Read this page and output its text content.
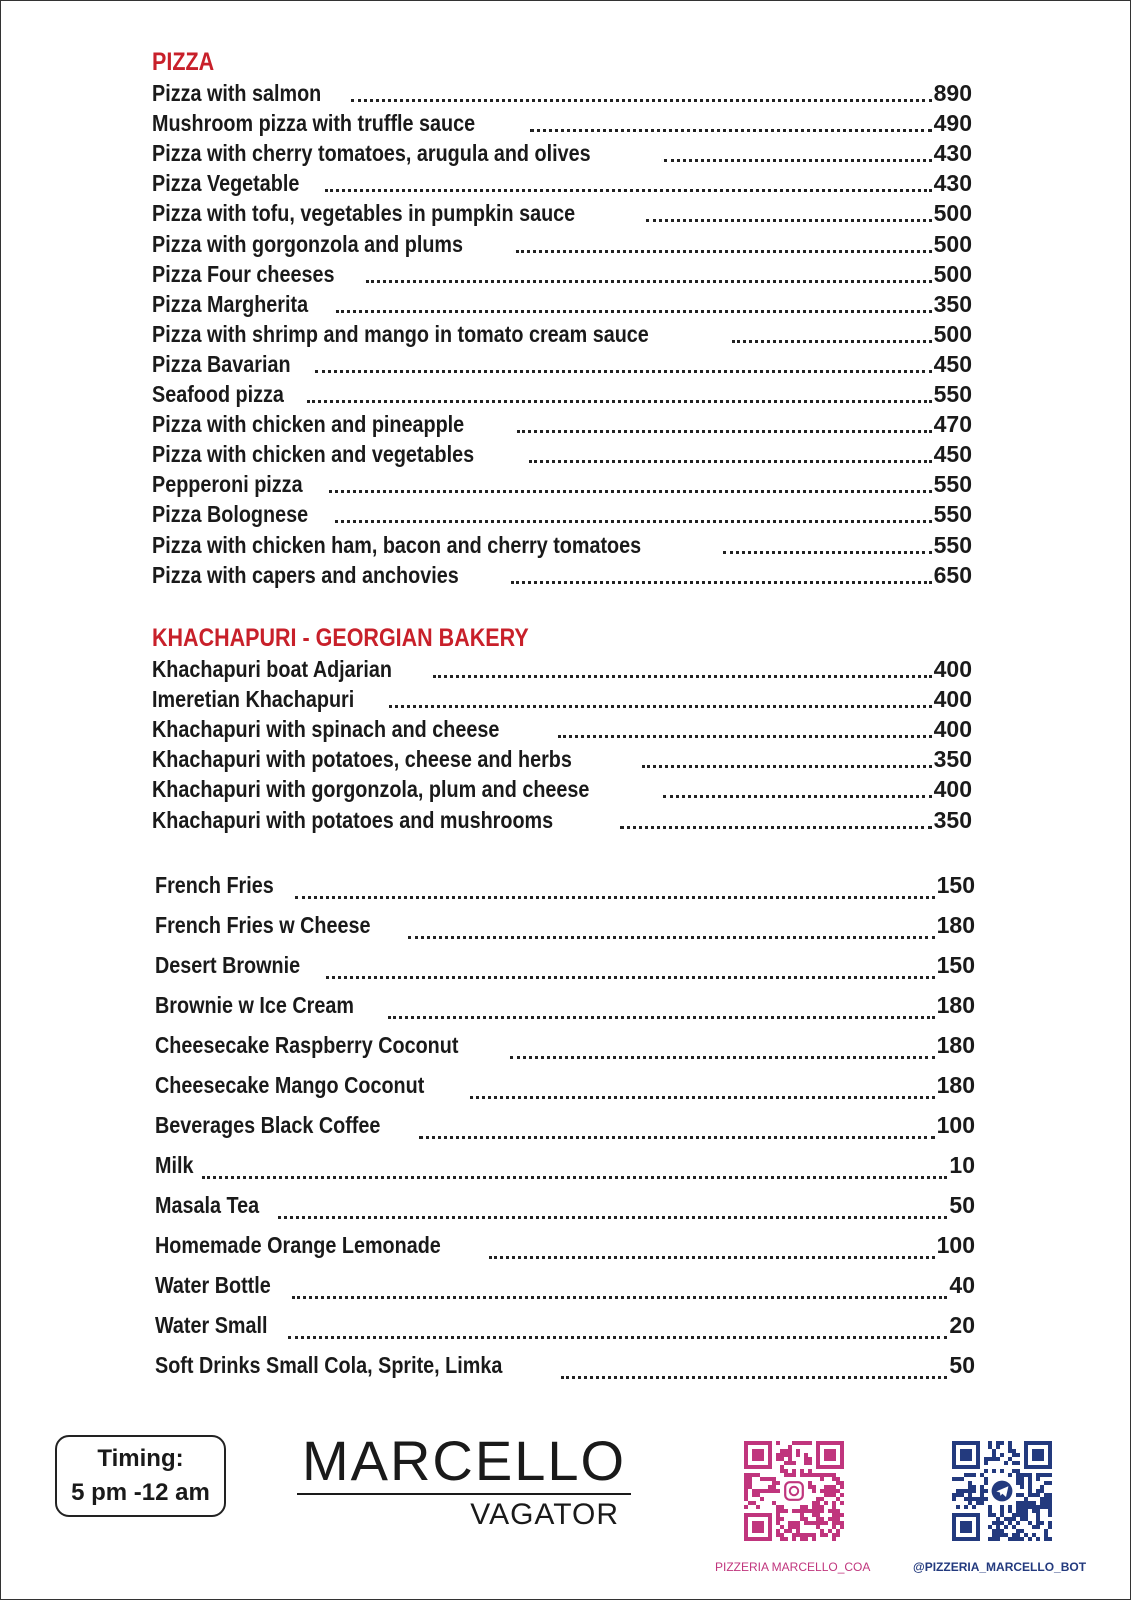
PIZZA
Pizza with salmon	890
Mushroom pizza with truffle sauce	490
Pizza with cherry tomatoes, arugula and olives	430
Pizza Vegetable	430
Pizza with tofu, vegetables in pumpkin sauce	500
Pizza with gorgonzola and plums	500
Pizza Four cheeses	500
Pizza Margherita	350
Pizza with shrimp and mango in tomato cream sauce	500
Pizza Bavarian	450
Seafood pizza	550
Pizza with chicken and pineapple	470
Pizza with chicken and vegetables	450
Pepperoni pizza	550
Pizza Bolognese	550
Pizza with chicken ham, bacon and cherry tomatoes	550
Pizza with capers and anchovies	650
KHACHAPURI - GEORGIAN BAKERY
Khachapuri boat Adjarian	400
Imeretian Khachapuri	400
Khachapuri with spinach and cheese	400
Khachapuri with potatoes, cheese and herbs	350
Khachapuri with gorgonzola, plum and cheese	400
Khachapuri with potatoes and mushrooms	350
French Fries	150
French Fries w Cheese	180
Desert Brownie	150
Brownie w Ice Cream	180
Cheesecake Raspberry Coconut	180
Cheesecake Mango Coconut	180
Beverages Black Coffee	100
Milk	10
Masala Tea	50
Homemade Orange Lemonade	100
Water Bottle	40
Water Small	20
Soft Drinks Small Cola, Sprite, Limka	50
Timing:
5 pm -12 am
MARCELLO
VAGATOR
PIZZERIA MARCELLO_COA	@PIZZERIA_MARCELLO_BOT
